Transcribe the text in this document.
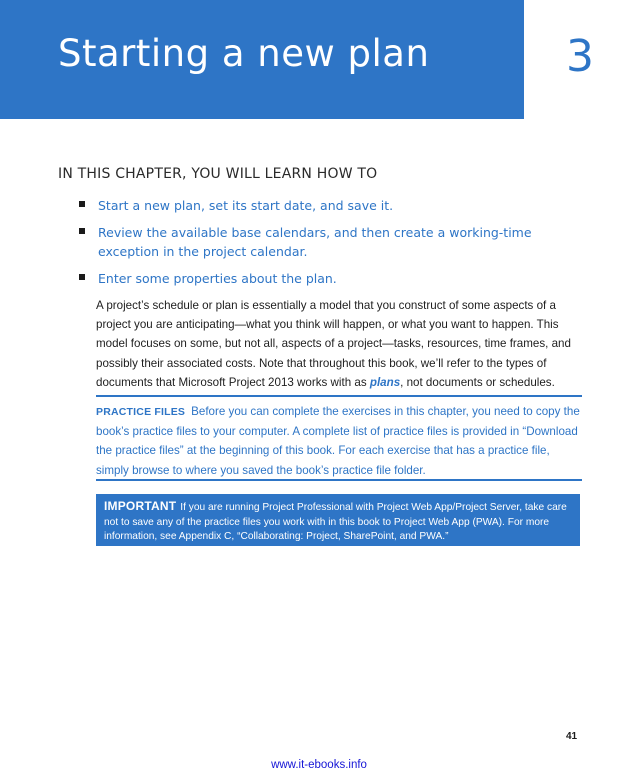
Starting a new plan	3
IN THIS CHAPTER, YOU WILL LEARN HOW TO
Start a new plan, set its start date, and save it.
Review the available base calendars, and then create a working-time exception in the project calendar.
Enter some properties about the plan.

A project’s schedule or plan is essentially a model that you construct of some aspects of a project you are anticipating—what you think will happen, or what you want to happen. This model focuses on some, but not all, aspects of a project—tasks, resources, time frames, and possibly their associated costs. Note that throughout this book, we’ll refer to the types of documents that Microsoft Project 2013 works with as plans, not documents or schedules.

PRACTICE FILES Before you can complete the exercises in this chapter, you need to copy the book’s practice files to your computer. A complete list of practice files is provided in “Download the practice files” at the beginning of this book. For each exercise that has a practice file, simply browse to where you saved the book’s practice file folder.

IMPORTANT If you are running Project Professional with Project Web App/Project Server, take care not to save any of the practice files you work with in this book to Project Web App (PWA). For more information, see Appendix C, “Collaborating: Project, SharePoint, and PWA.”

41
www.it-ebooks.info
